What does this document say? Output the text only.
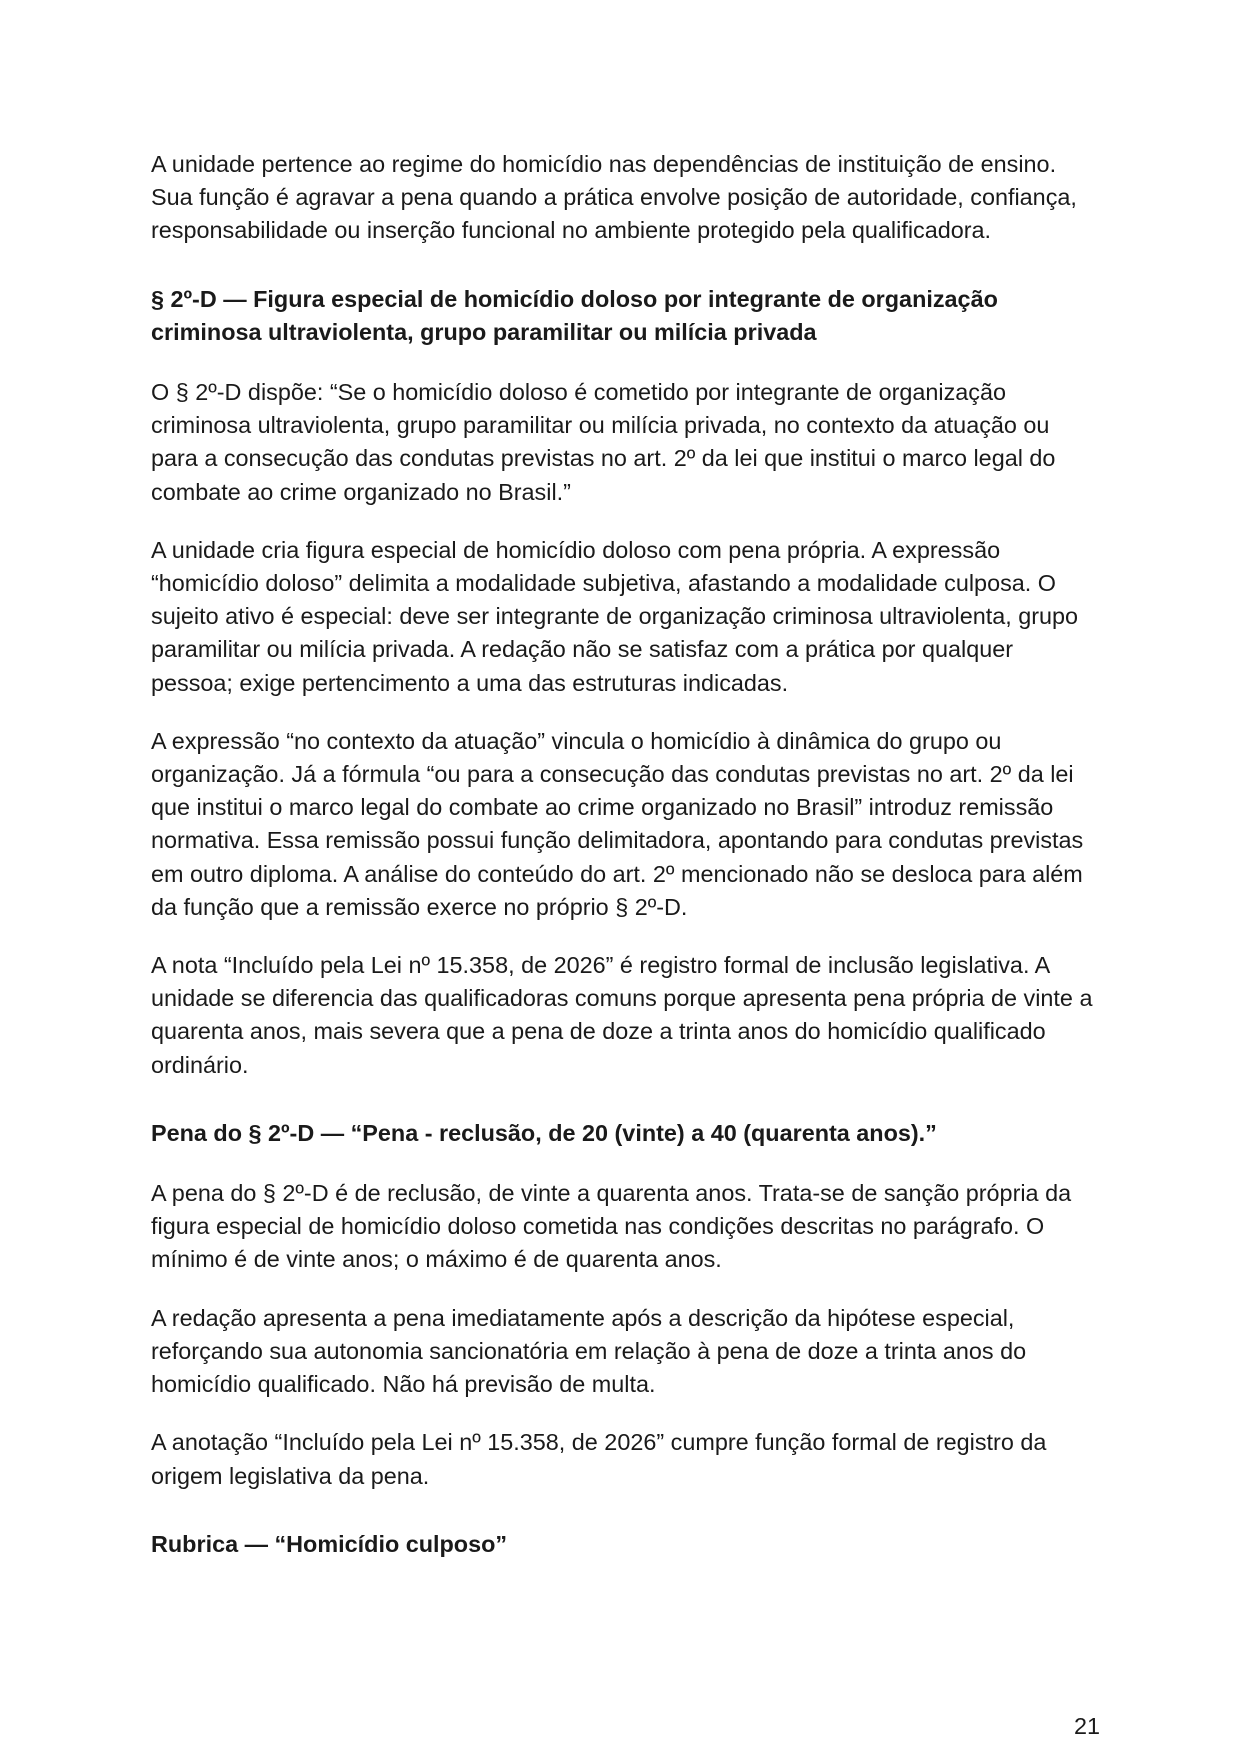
A unidade pertence ao regime do homicídio nas dependências de instituição de ensino. Sua função é agravar a pena quando a prática envolve posição de autoridade, confiança, responsabilidade ou inserção funcional no ambiente protegido pela qualificadora.

§ 2º-D — Figura especial de homicídio doloso por integrante de organização criminosa ultraviolenta, grupo paramilitar ou milícia privada

O § 2º-D dispõe: “Se o homicídio doloso é cometido por integrante de organização criminosa ultraviolenta, grupo paramilitar ou milícia privada, no contexto da atuação ou para a consecução das condutas previstas no art. 2º da lei que institui o marco legal do combate ao crime organizado no Brasil.”

A unidade cria figura especial de homicídio doloso com pena própria. A expressão “homicídio doloso” delimita a modalidade subjetiva, afastando a modalidade culposa. O sujeito ativo é especial: deve ser integrante de organização criminosa ultraviolenta, grupo paramilitar ou milícia privada. A redação não se satisfaz com a prática por qualquer pessoa; exige pertencimento a uma das estruturas indicadas.

A expressão “no contexto da atuação” vincula o homicídio à dinâmica do grupo ou organização. Já a fórmula “ou para a consecução das condutas previstas no art. 2º da lei que institui o marco legal do combate ao crime organizado no Brasil” introduz remissão normativa. Essa remissão possui função delimitadora, apontando para condutas previstas em outro diploma. A análise do conteúdo do art. 2º mencionado não se desloca para além da função que a remissão exerce no próprio § 2º-D.

A nota “Incluído pela Lei nº 15.358, de 2026” é registro formal de inclusão legislativa. A unidade se diferencia das qualificadoras comuns porque apresenta pena própria de vinte a quarenta anos, mais severa que a pena de doze a trinta anos do homicídio qualificado ordinário.

Pena do § 2º-D — “Pena - reclusão, de 20 (vinte) a 40 (quarenta anos).”

A pena do § 2º-D é de reclusão, de vinte a quarenta anos. Trata-se de sanção própria da figura especial de homicídio doloso cometida nas condições descritas no parágrafo. O mínimo é de vinte anos; o máximo é de quarenta anos.

A redação apresenta a pena imediatamente após a descrição da hipótese especial, reforçando sua autonomia sancionatória em relação à pena de doze a trinta anos do homicídio qualificado. Não há previsão de multa.

A anotação “Incluído pela Lei nº 15.358, de 2026” cumpre função formal de registro da origem legislativa da pena.

Rubrica — “Homicídio culposo”

21
